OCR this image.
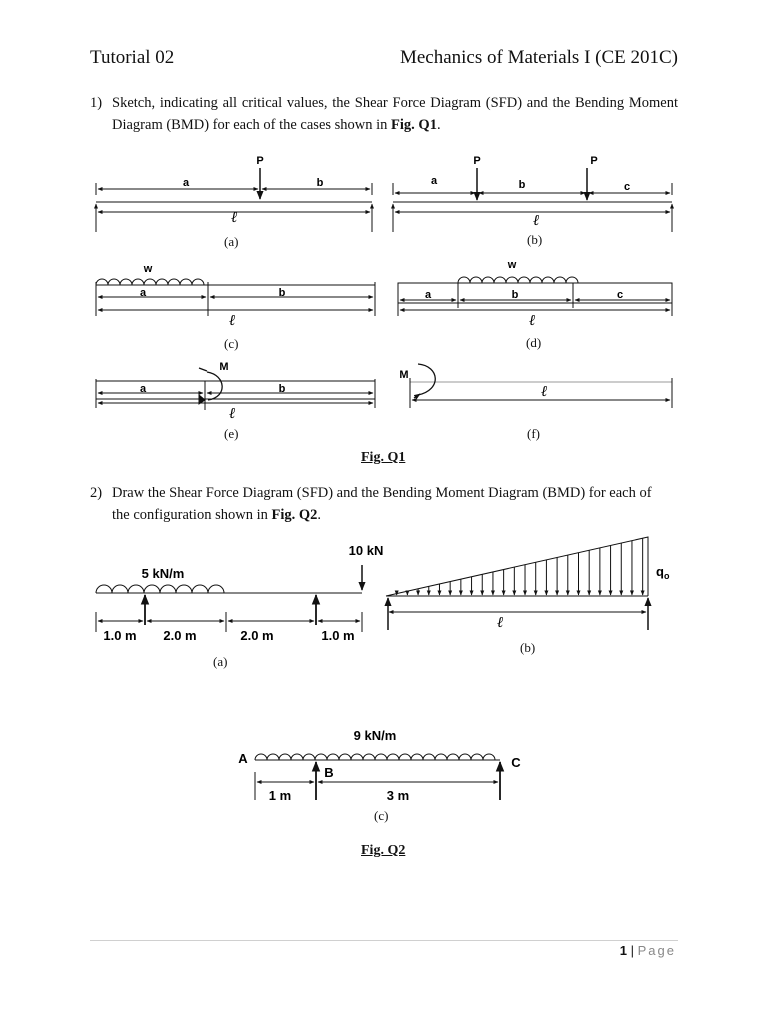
Tutorial 02	Mechanics of Materials I (CE 201C)
1) Sketch, indicating all critical values, the Shear Force Diagram (SFD) and the Bending Moment Diagram (BMD) for each of the cases shown in Fig. Q1.
P
a	b
ℓ
P	P
a	b	c
ℓ
w
a	b
ℓ
w
a	b	c
ℓ
M
a	b
ℓ
M
ℓ
5 kN/m
10 kN
1.0 m 2.0 m	2.0 m	1.0 m
$q_o$
ℓ
9 kN/m
A
B
C
1 m	3 m
(a)	(b)
(c)	(d)
(e)	(f)
Fig. Q1
2) Draw the Shear Force Diagram (SFD) and the Bending Moment Diagram (BMD) for each of
the configuration shown in Fig. Q2.
(a)
(b)
(c)
Fig. Q2
1 | Page
